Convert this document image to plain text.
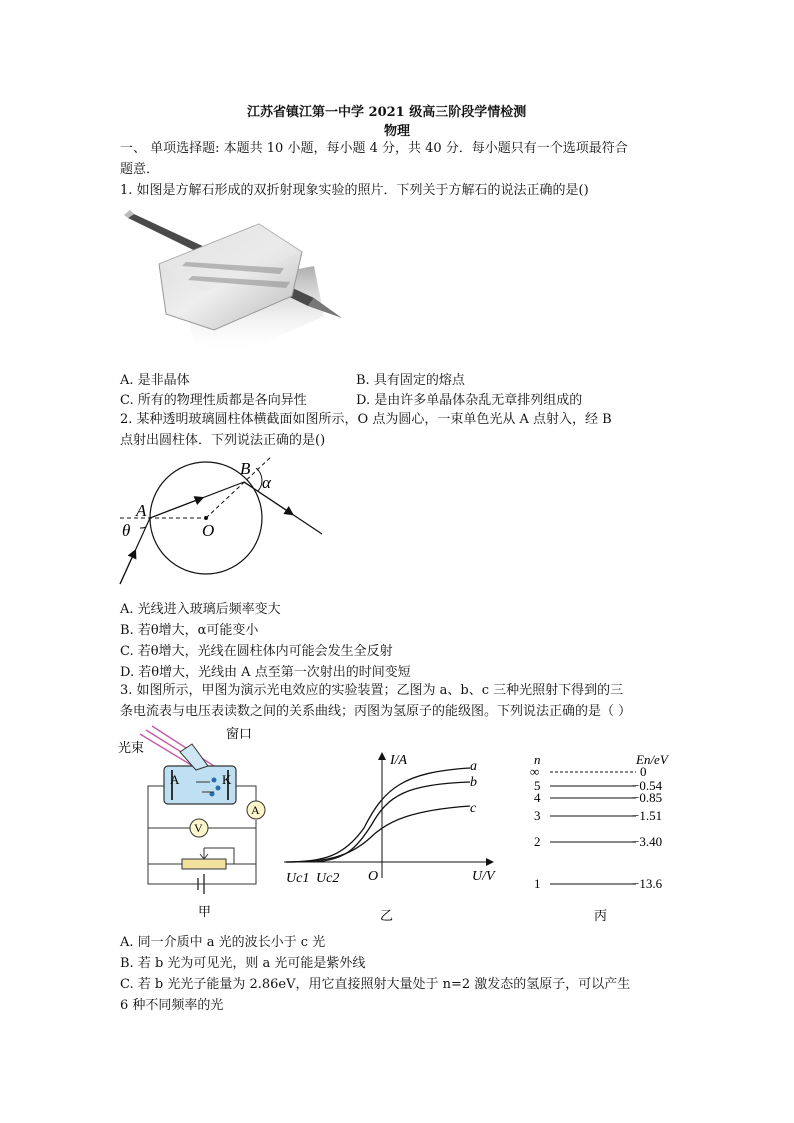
江苏省镇江第一中学 2021 级高三阶段学情检测
物理
一、 单项选择题: 本题共 10 小题，每小题 4 分，共 40 分．每小题只有一个选项最符合
题意．
1. 如图是方解石形成的双折射现象实验的照片．下列关于方解石的说法正确的是()
A. 是非晶体	B. 具有固定的熔点
C. 所有的物理性质都是各向异性	D. 是由许多单晶体杂乱无章排列组成的
2. 某种透明玻璃圆柱体横截面如图所示，O 点为圆心，一束单色光从 A 点射入，经 B
点射出圆柱体．下列说法正确的是()
A
B
O
θ
α
A. 光线进入玻璃后频率变大
B. 若θ增大，α可能变小
C. 若θ增大，光线在圆柱体内可能会发生全反射
D. 若θ增大，光线由 A 点至第一次射出的时间变短
3. 如图所示，甲图为演示光电效应的实验装置；乙图为 a、b、c 三种光照射下得到的三
条电流表与电压表读数之间的关系曲线；丙图为氢原子的能级图。下列说法正确的是（ ）
A	K
A
V
窗口
光束
甲
I/A
U/V
Uc1 Uc2 O
a
b
c
乙
n	En/eV
∞	0
5	−0.54
4	−0.85
3	−1.51
2	−3.40
1	−13.6
丙
A. 同一介质中 a 光的波长小于 c 光
B. 若 b 光为可见光，则 a 光可能是紫外线
C. 若 b 光光子能量为 2.86eV，用它直接照射大量处于 n=2 激发态的氢原子，可以产生
6 种不同频率的光
